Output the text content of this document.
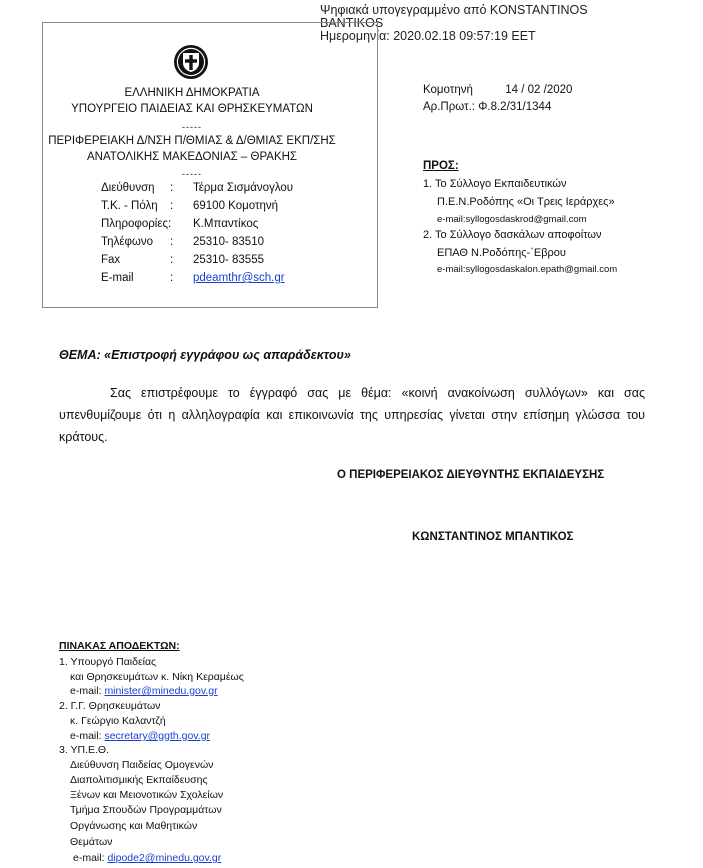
Ψηφιακά υπογεγραμμένο από KONSTANTINOS
BANTIKOS
Ημερομηνία: 2020.02.18 09:57:19 EET
ΕΛΛΗΝΙΚΗ ΔΗΜΟΚΡΑΤΙΑ
ΥΠΟΥΡΓΕΙΟ ΠΑΙΔΕΙΑΣ ΚΑΙ ΘΡΗΣΚΕΥΜΑΤΩΝ
-----
ΠΕΡΙΦΕΡΕΙΑΚΗ Δ/ΝΣΗ Π/ΘΜΙΑΣ & Δ/ΘΜΙΑΣ ΕΚΠ/ΣΗΣ
ΑΝΑΤΟΛΙΚΗΣ ΜΑΚΕΔΟΝΙΑΣ – ΘΡΑΚΗΣ
-----
Διεύθυνση : Τέρμα Σισμάνογλου
Τ.Κ. - Πόλη : 69100 Κομοτηνή
Πληροφορίες: Κ.Μπαντίκος
Τηλέφωνο : 25310- 83510
Fax	: 25310- 83555
E-mail	: pdeamthr@sch.gr
Κομοτηνή	14 / 02 /2020
Αρ.Πρωτ.: Φ.8.2/31/1344
ΠΡΟΣ:
1. Το Σύλλογο Εκπαιδευτικών
Π.Ε.Ν.Ροδόπης «Οι Τρεις Ιεράρχες»
e-mail:syllogosdaskrod@gmail.com
2. Το Σύλλογο δασκάλων αποφοίτων
ΕΠΑΘ Ν.Ροδόπης-΄Εβρου
e-mail:syllogosdaskalon.epath@gmail.com
ΘΕΜΑ: «Επιστροφή εγγράφου ως απαράδεκτου»
Σας επιστρέφουμε το έγγραφό σας με θέμα: «κοινή ανακοίνωση συλλόγων» και σας υπενθυμίζουμε ότι η αλληλογραφία και επικοινωνία της υπηρεσίας γίνεται στην επίσημη γλώσσα του κράτους.
Ο ΠΕΡΙΦΕΡΕΙΑΚΟΣ ΔΙΕΥΘΥΝΤΗΣ ΕΚΠΑΙΔΕΥΣΗΣ
ΚΩΝΣΤΑΝΤΙΝΟΣ ΜΠΑΝΤΙΚΟΣ
ΠΙΝΑΚΑΣ ΑΠΟΔΕΚΤΩΝ:
1. Υπουργό Παιδείας
και Θρησκευμάτων κ. Νίκη Κεραμέως
e-mail: minister@minedu.gov.gr
2. Γ.Γ. Θρησκευμάτων
κ. Γεώργιο Καλαντζή
e-mail: secretary@ggth.gov.gr
3. ΥΠ.Ε.Θ.
Διεύθυνση Παιδείας Ομογενών
Διαπολιτισμικής Εκπαίδευσης
Ξένων και Μειονοτικών Σχολείων
Τμήμα Σπουδών Προγραμμάτων
Οργάνωσης και Μαθητικών
Θεμάτων
e-mail: dipode2@minedu.gov.gr
